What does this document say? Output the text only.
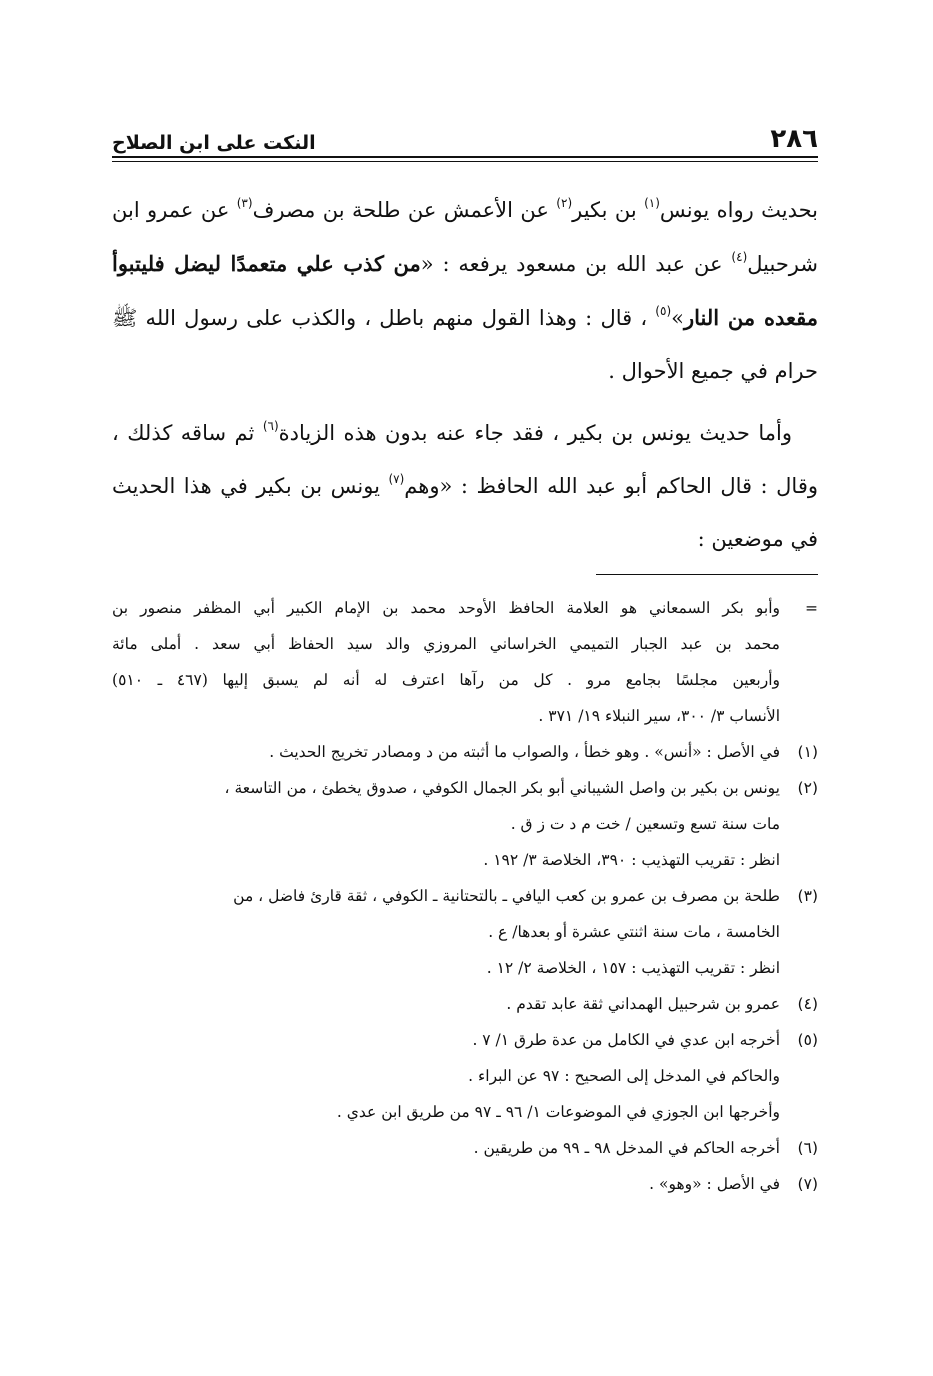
٢٨٦
النكت على ابن الصلاح

بحديث رواه يونس$^{(١)}$ بن بكير$^{(٢)}$ عن الأعمش عن طلحة بن مصرف$^{(٣)}$ عن عمرو ابن شرحبيل$^{(٤)}$ عن عبد الله بن مسعود يرفعه : «من كذب علي متعمدًا ليضل فليتبوأ مقعده من النار»$^{(٥)}$ ، قال : وهذا القول منهم باطل ، والكذب على رسول الله ﷺ حرام في جميع الأحوال .

وأما حديث يونس بن بكير ، فقد جاء عنه بدون هذه الزيادة$^{(٦)}$ ثم ساقه كذلك ، وقال : قال الحاكم أبو عبد الله الحافظ : «وهم$^{(٧)}$ يونس بن بكير في هذا الحديث في موضعين :

=
وأبو بكر السمعاني هو العلامة الحافظ الأوحد محمد بن الإمام الكبير أبي المظفر منصور بن
محمد بن عبد الجبار التميمي الخراساني المروزي والد سيد الحفاظ أبي سعد . أملى مائة
وأربعين مجلسًا بجامع مرو . كل من رآها اعترف له أنه لم يسبق إليها (٤٦٧ ـ ٥١٠)
الأنساب ٣/ ٣٠٠، سير النبلاء ١٩/ ٣٧١ .
(١)
في الأصل : «أنس» . وهو خطأ ، والصواب ما أثبته من د ومصادر تخريج الحديث .
(٢)
يونس بن بكير بن واصل الشيباني أبو بكر الجمال الكوفي ، صدوق يخطئ ، من التاسعة ،
مات سنة تسع وتسعين / خت م د ت ز ق .
انظر : تقريب التهذيب : ٣٩٠، الخلاصة ٣/ ١٩٢ .
(٣)
طلحة بن مصرف بن عمرو بن كعب اليافي ـ بالتحتانية ـ الكوفي ، ثقة قارئ فاضل ، من
الخامسة ، مات سنة اثنتي عشرة أو بعدها/ ع .
انظر : تقريب التهذيب : ١٥٧ ، الخلاصة ٢/ ١٢ .
(٤)
عمرو بن شرحبيل الهمداني ثقة عابد تقدم .
(٥)
أخرجه ابن عدي في الكامل من عدة طرق ١/ ٧ .
والحاكم في المدخل إلى الصحيح : ٩٧ عن البراء .
وأخرجها ابن الجوزي في الموضوعات ١/ ٩٦ ـ ٩٧ من طريق ابن عدي .
(٦)
أخرجه الحاكم في المدخل ٩٨ ـ ٩٩ من طريقين .
(٧)
في الأصل : «وهو» .
